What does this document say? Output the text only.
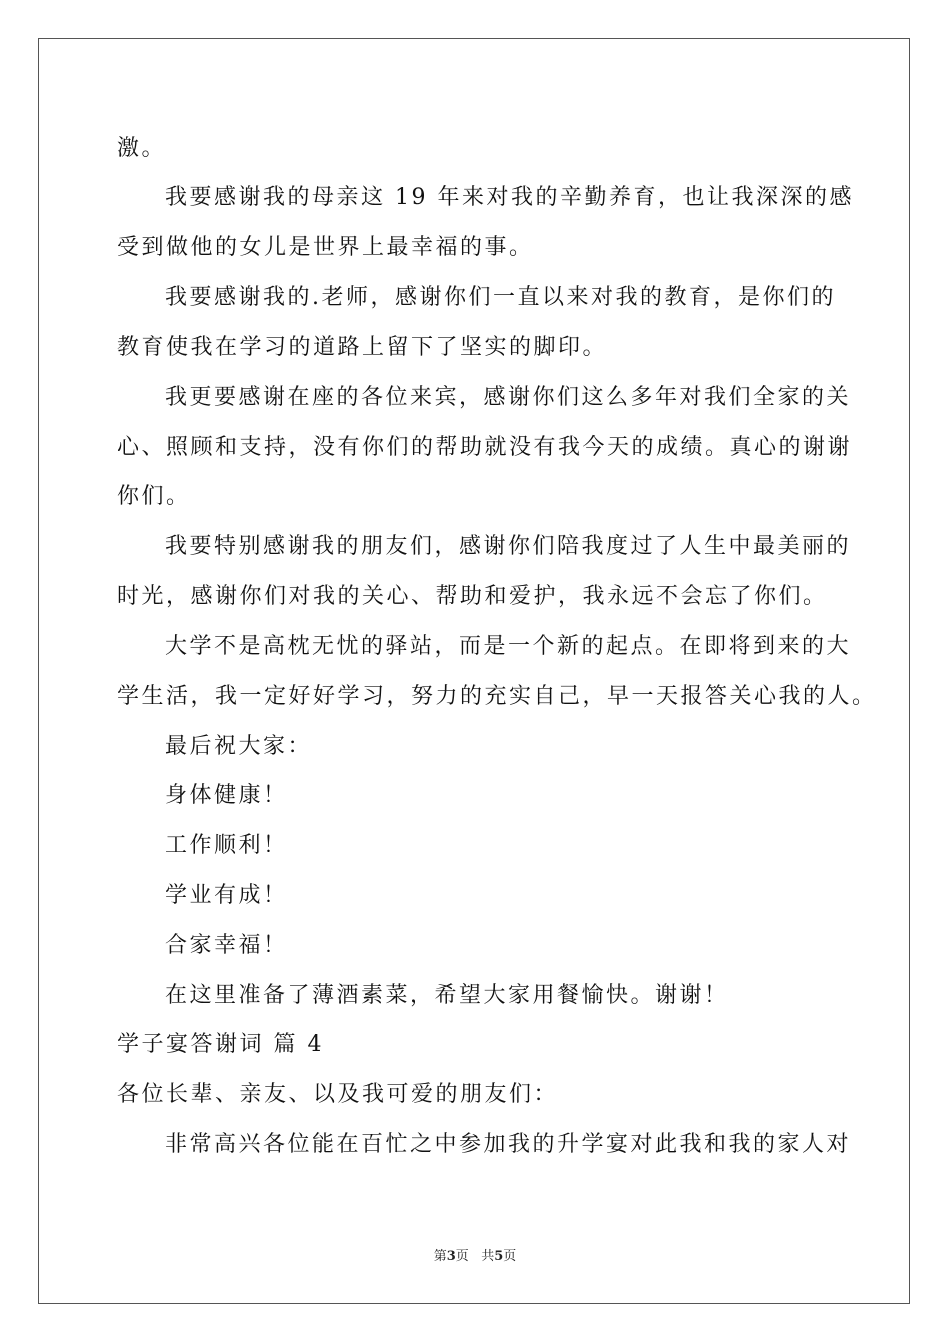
激。
我要感谢我的母亲这 19 年来对我的辛勤养育，也让我深深的感
受到做他的女儿是世界上最幸福的事。
我要感谢我的.老师，感谢你们一直以来对我的教育，是你们的
教育使我在学习的道路上留下了坚实的脚印。
我更要感谢在座的各位来宾，感谢你们这么多年对我们全家的关
心、照顾和支持，没有你们的帮助就没有我今天的成绩。真心的谢谢
你们。
我要特别感谢我的朋友们，感谢你们陪我度过了人生中最美丽的
时光，感谢你们对我的关心、帮助和爱护，我永远不会忘了你们。
大学不是高枕无忧的驿站，而是一个新的起点。在即将到来的大
学生活，我一定好好学习，努力的充实自己，早一天报答关心我的人。
最后祝大家：
身体健康！
工作顺利！
学业有成！
合家幸福！
在这里准备了薄酒素菜，希望大家用餐愉快。谢谢！
学子宴答谢词 篇 4
各位长辈、亲友、以及我可爱的朋友们：
非常高兴各位能在百忙之中参加我的升学宴对此我和我的家人对
第3页 共5页
